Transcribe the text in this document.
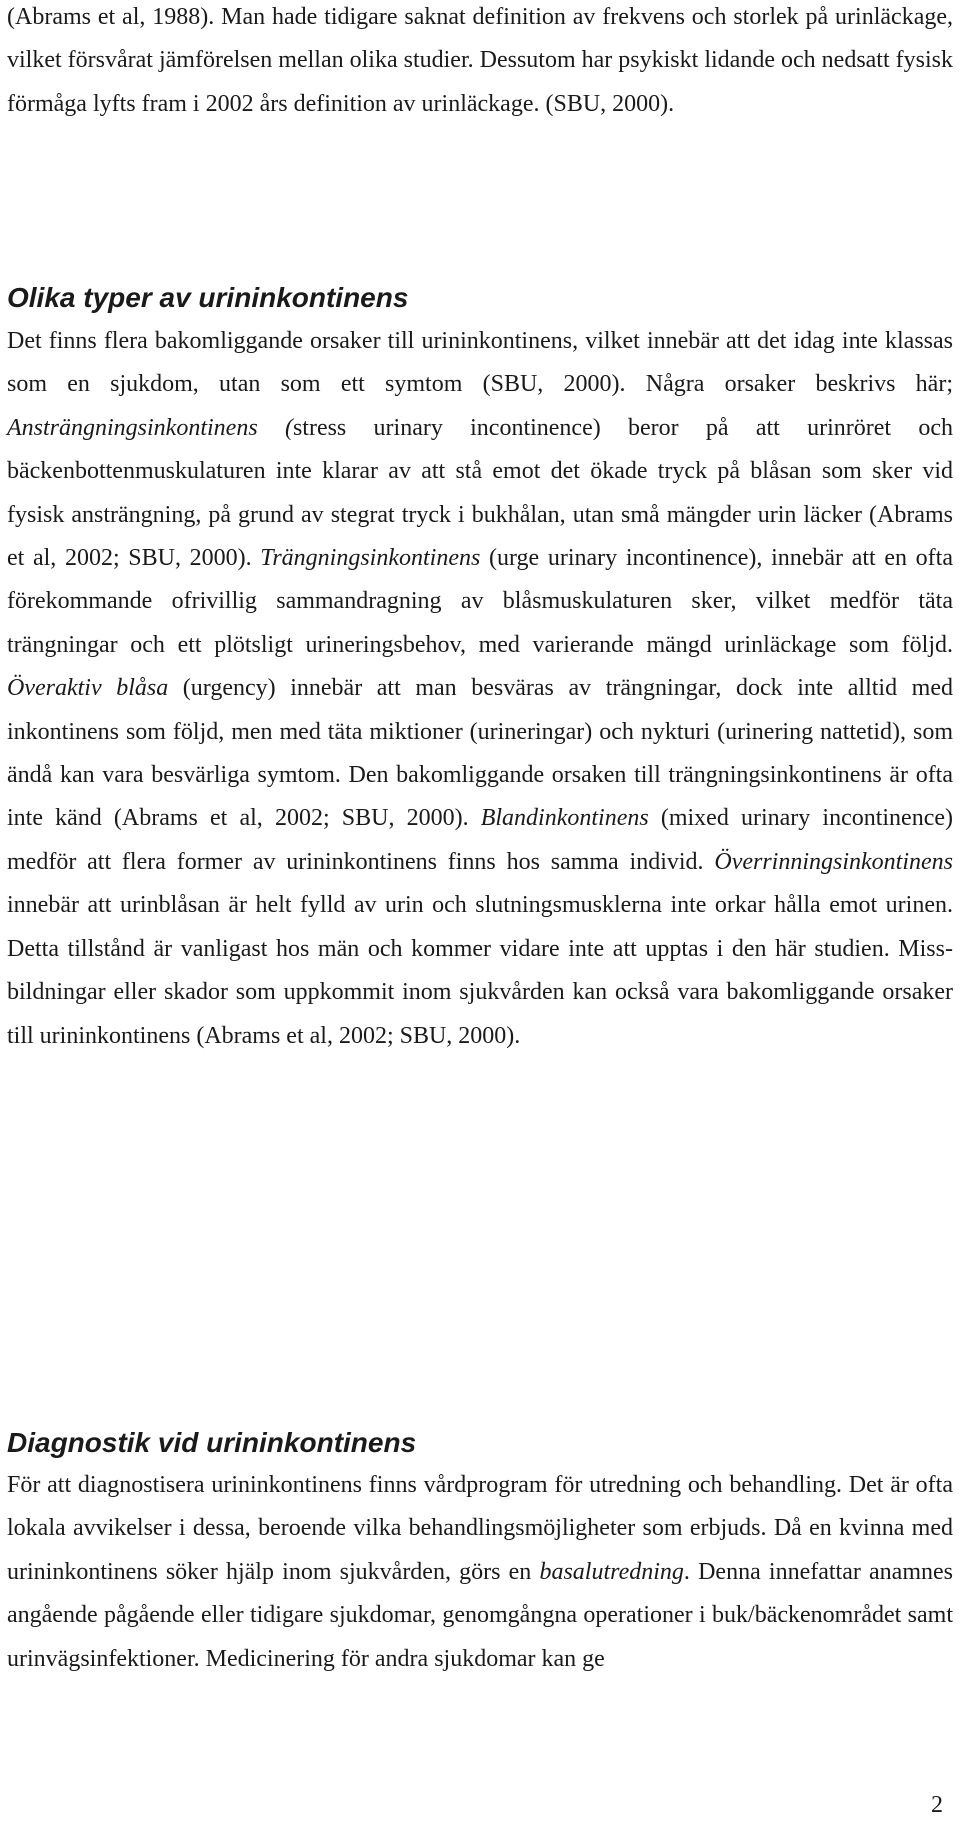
(Abrams et al, 1988). Man hade tidigare saknat definition av frekvens och storlek på urinläckage, vilket försvårat jämförelsen mellan olika studier. Dessutom har psykiskt lidande och nedsatt fysisk förmåga lyfts fram i 2002 års definition av urinläckage. (SBU, 2000).

Olika typer av urininkontinens

Det finns flera bakomliggande orsaker till urininkontinens, vilket innebär att det idag inte klassas som en sjukdom, utan som ett symtom (SBU, 2000). Några orsaker beskrivs här; Ansträngningsinkontinens (stress urinary incontinence) beror på att urinröret och bäckenbottenmuskulaturen inte klarar av att stå emot det ökade tryck på blåsan som sker vid fysisk ansträngning, på grund av stegrat tryck i bukhålan, utan små mängder urin läcker (Abrams et al, 2002; SBU, 2000). Trängningsinkontinens (urge urinary incontinence), innebär att en ofta förekommande ofrivillig sammandragning av blåsmuskulaturen sker, vilket medför täta trängningar och ett plötsligt urineringsbehov, med varierande mängd urinläckage som följd. Överaktiv blåsa (urgency) innebär att man besväras av trängningar, dock inte alltid med inkontinens som följd, men med täta miktioner (urineringar) och nykturi (urinering nattetid), som ändå kan vara besvärliga symtom. Den bakomliggande orsaken till trängningsinkontinens är ofta inte känd (Abrams et al, 2002; SBU, 2000). Blandinkontinens (mixed urinary incontinence) medför att flera former av urininkontinens finns hos samma individ. Överrinningsinkontinens innebär att urinblåsan är helt fylld av urin och slutningsmusklerna inte orkar hålla emot urinen. Detta tillstånd är vanligast hos män och kommer vidare inte att upptas i den här studien. Missbildningar eller skador som uppkommit inom sjukvården kan också vara bakomliggande orsaker till urininkontinens (Abrams et al, 2002; SBU, 2000).

Diagnostik vid urininkontinens

För att diagnostisera urininkontinens finns vårdprogram för utredning och behandling. Det är ofta lokala avvikelser i dessa, beroende vilka behandlingsmöjligheter som erbjuds. Då en kvinna med urininkontinens söker hjälp inom sjukvården, görs en basalutredning. Denna innefattar anamnes angående pågående eller tidigare sjukdomar, genomgångna operationer i buk/bäckenområdet samt urinvägsinfektioner. Medicinering för andra sjukdomar kan ge

2
